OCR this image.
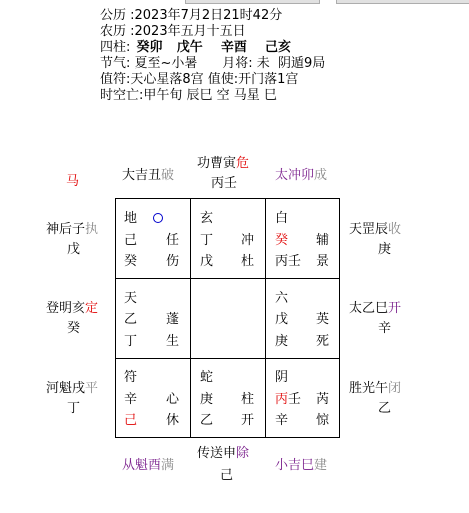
公历 :2023年7月2日21时42分
农历 :2023年五月十五日
四柱: 癸卯 戊午 辛酉 己亥
节气: 夏至~小暑      月将: 未  阴遁9局
值符:天心星落8宫 值使:开门落1宫
时空亡:甲午旬 辰巳 空 马星 巳
马	大吉丑破
功曹寅危
丙壬
太冲卯成
神后子执
戊
登明亥定
癸
河魁戌平
丁
天罡辰收
庚
太乙巳开
辛
胜光午闭
乙
从魁酉满
传送申除
己
小吉巳建
地
己 任
癸 伤
玄
丁 冲
戊 杜
白
癸 辅
丙壬 景
天
乙 蓬
丁 生
六
戊 英
庚 死
符
辛 心
己 休
蛇
庚 柱
乙 开
阴
丙壬 芮
辛 惊
